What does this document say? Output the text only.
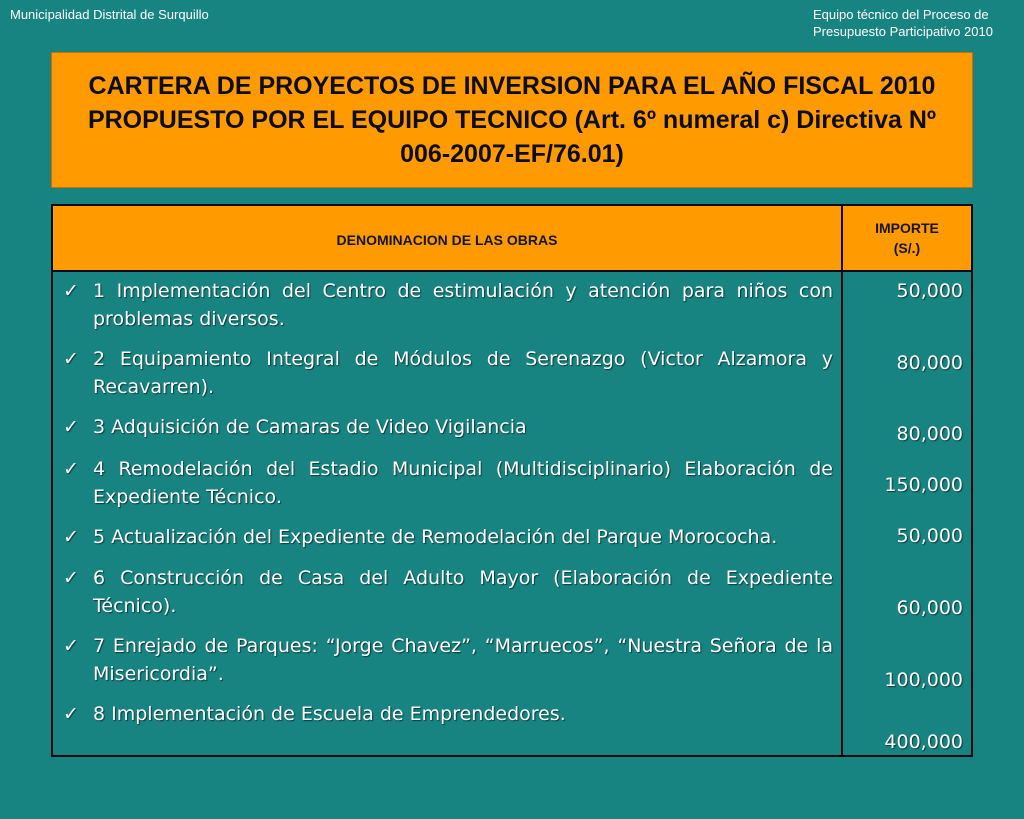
Municipalidad Distrital de Surquillo	Equipo técnico del Proceso de Presupuesto Participativo 2010
CARTERA DE PROYECTOS DE INVERSION PARA EL AÑO FISCAL 2010 PROPUESTO POR EL EQUIPO TECNICO (Art. 6º numeral c) Directiva Nº 006-2007-EF/76.01)
DENOMINACION DE LAS OBRAS
IMPORTE
(S/.)
✓ 1 Implementación del Centro de estimulación y atención para niños con problemas diversos.
✓ 2 Equipamiento Integral de Módulos de Serenazgo (Victor Alzamora y Recavarren).
✓ 3 Adquisición de Camaras de Video Vigilancia
✓ 4 Remodelación del Estadio Municipal (Multidisciplinario) Elaboración de Expediente Técnico.
✓ 5 Actualización del Expediente de Remodelación del Parque Morococha.
✓ 6 Construcción de Casa del Adulto Mayor (Elaboración de Expediente Técnico).
✓ 7 Enrejado de Parques: “Jorge Chavez”, “Marruecos”, “Nuestra Señora de la Misericordia”.
✓ 8 Implementación de Escuela de Emprendedores.
50,000
80,000
80,000
150,000
50,000
60,000
100,000
400,000
